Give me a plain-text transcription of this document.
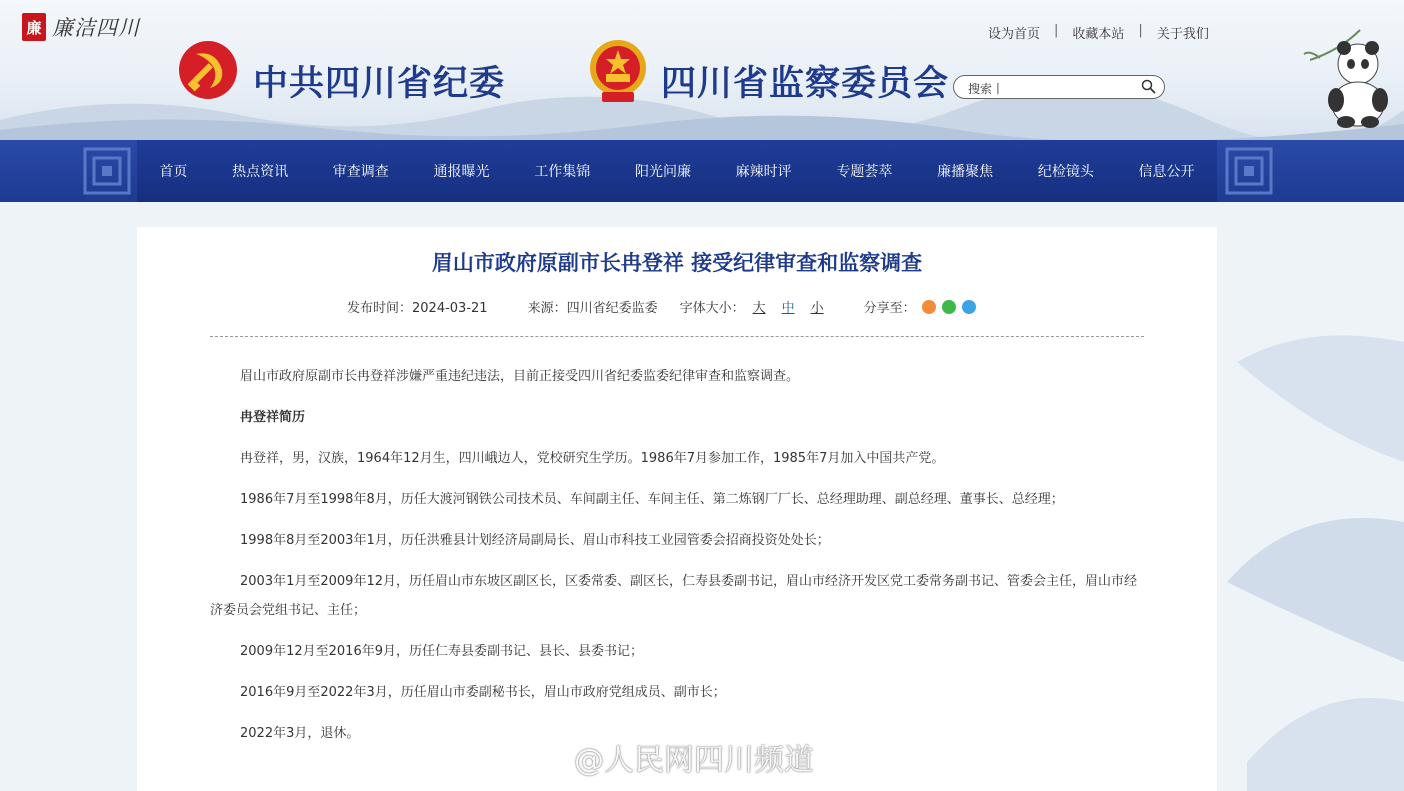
廉 廉洁四川
中共四川省纪委	四川省监察委员会
设为首页 | 收藏本站 | 关于我们
搜索丨
首页	热点资讯	审查调查	通报曝光	工作集锦	阳光问廉	麻辣时评	专题荟萃	廉播聚焦	纪检镜头	信息公开
眉山市政府原副市长冉登祥 接受纪律审查和监察调查
发布时间：2024-03-21	来源：四川省纪委监委 字体大小： 大 中 小	分享至：

眉山市政府原副市长冉登祥涉嫌严重违纪违法，目前正接受四川省纪委监委纪律审查和监察调查。

冉登祥简历

冉登祥，男，汉族，1964年12月生，四川峨边人，党校研究生学历。1986年7月参加工作，1985年7月加入中国共产党。

1986年7月至1998年8月，历任大渡河钢铁公司技术员、车间副主任、车间主任、第二炼钢厂厂长、总经理助理、副总经理、董事长、总经理；

1998年8月至2003年1月，历任洪雅县计划经济局副局长、眉山市科技工业园管委会招商投资处处长；

2003年1月至2009年12月，历任眉山市东坡区副区长，区委常委、副区长，仁寿县委副书记，眉山市经济开发区党工委常务副书记、管委会主任，眉山市经济委员会党组书记、主任；

2009年12月至2016年9月，历任仁寿县委副书记、县长、县委书记；

2016年9月至2022年3月，历任眉山市委副秘书长，眉山市政府党组成员、副市长；

2022年3月，退休。

@人民网四川频道
